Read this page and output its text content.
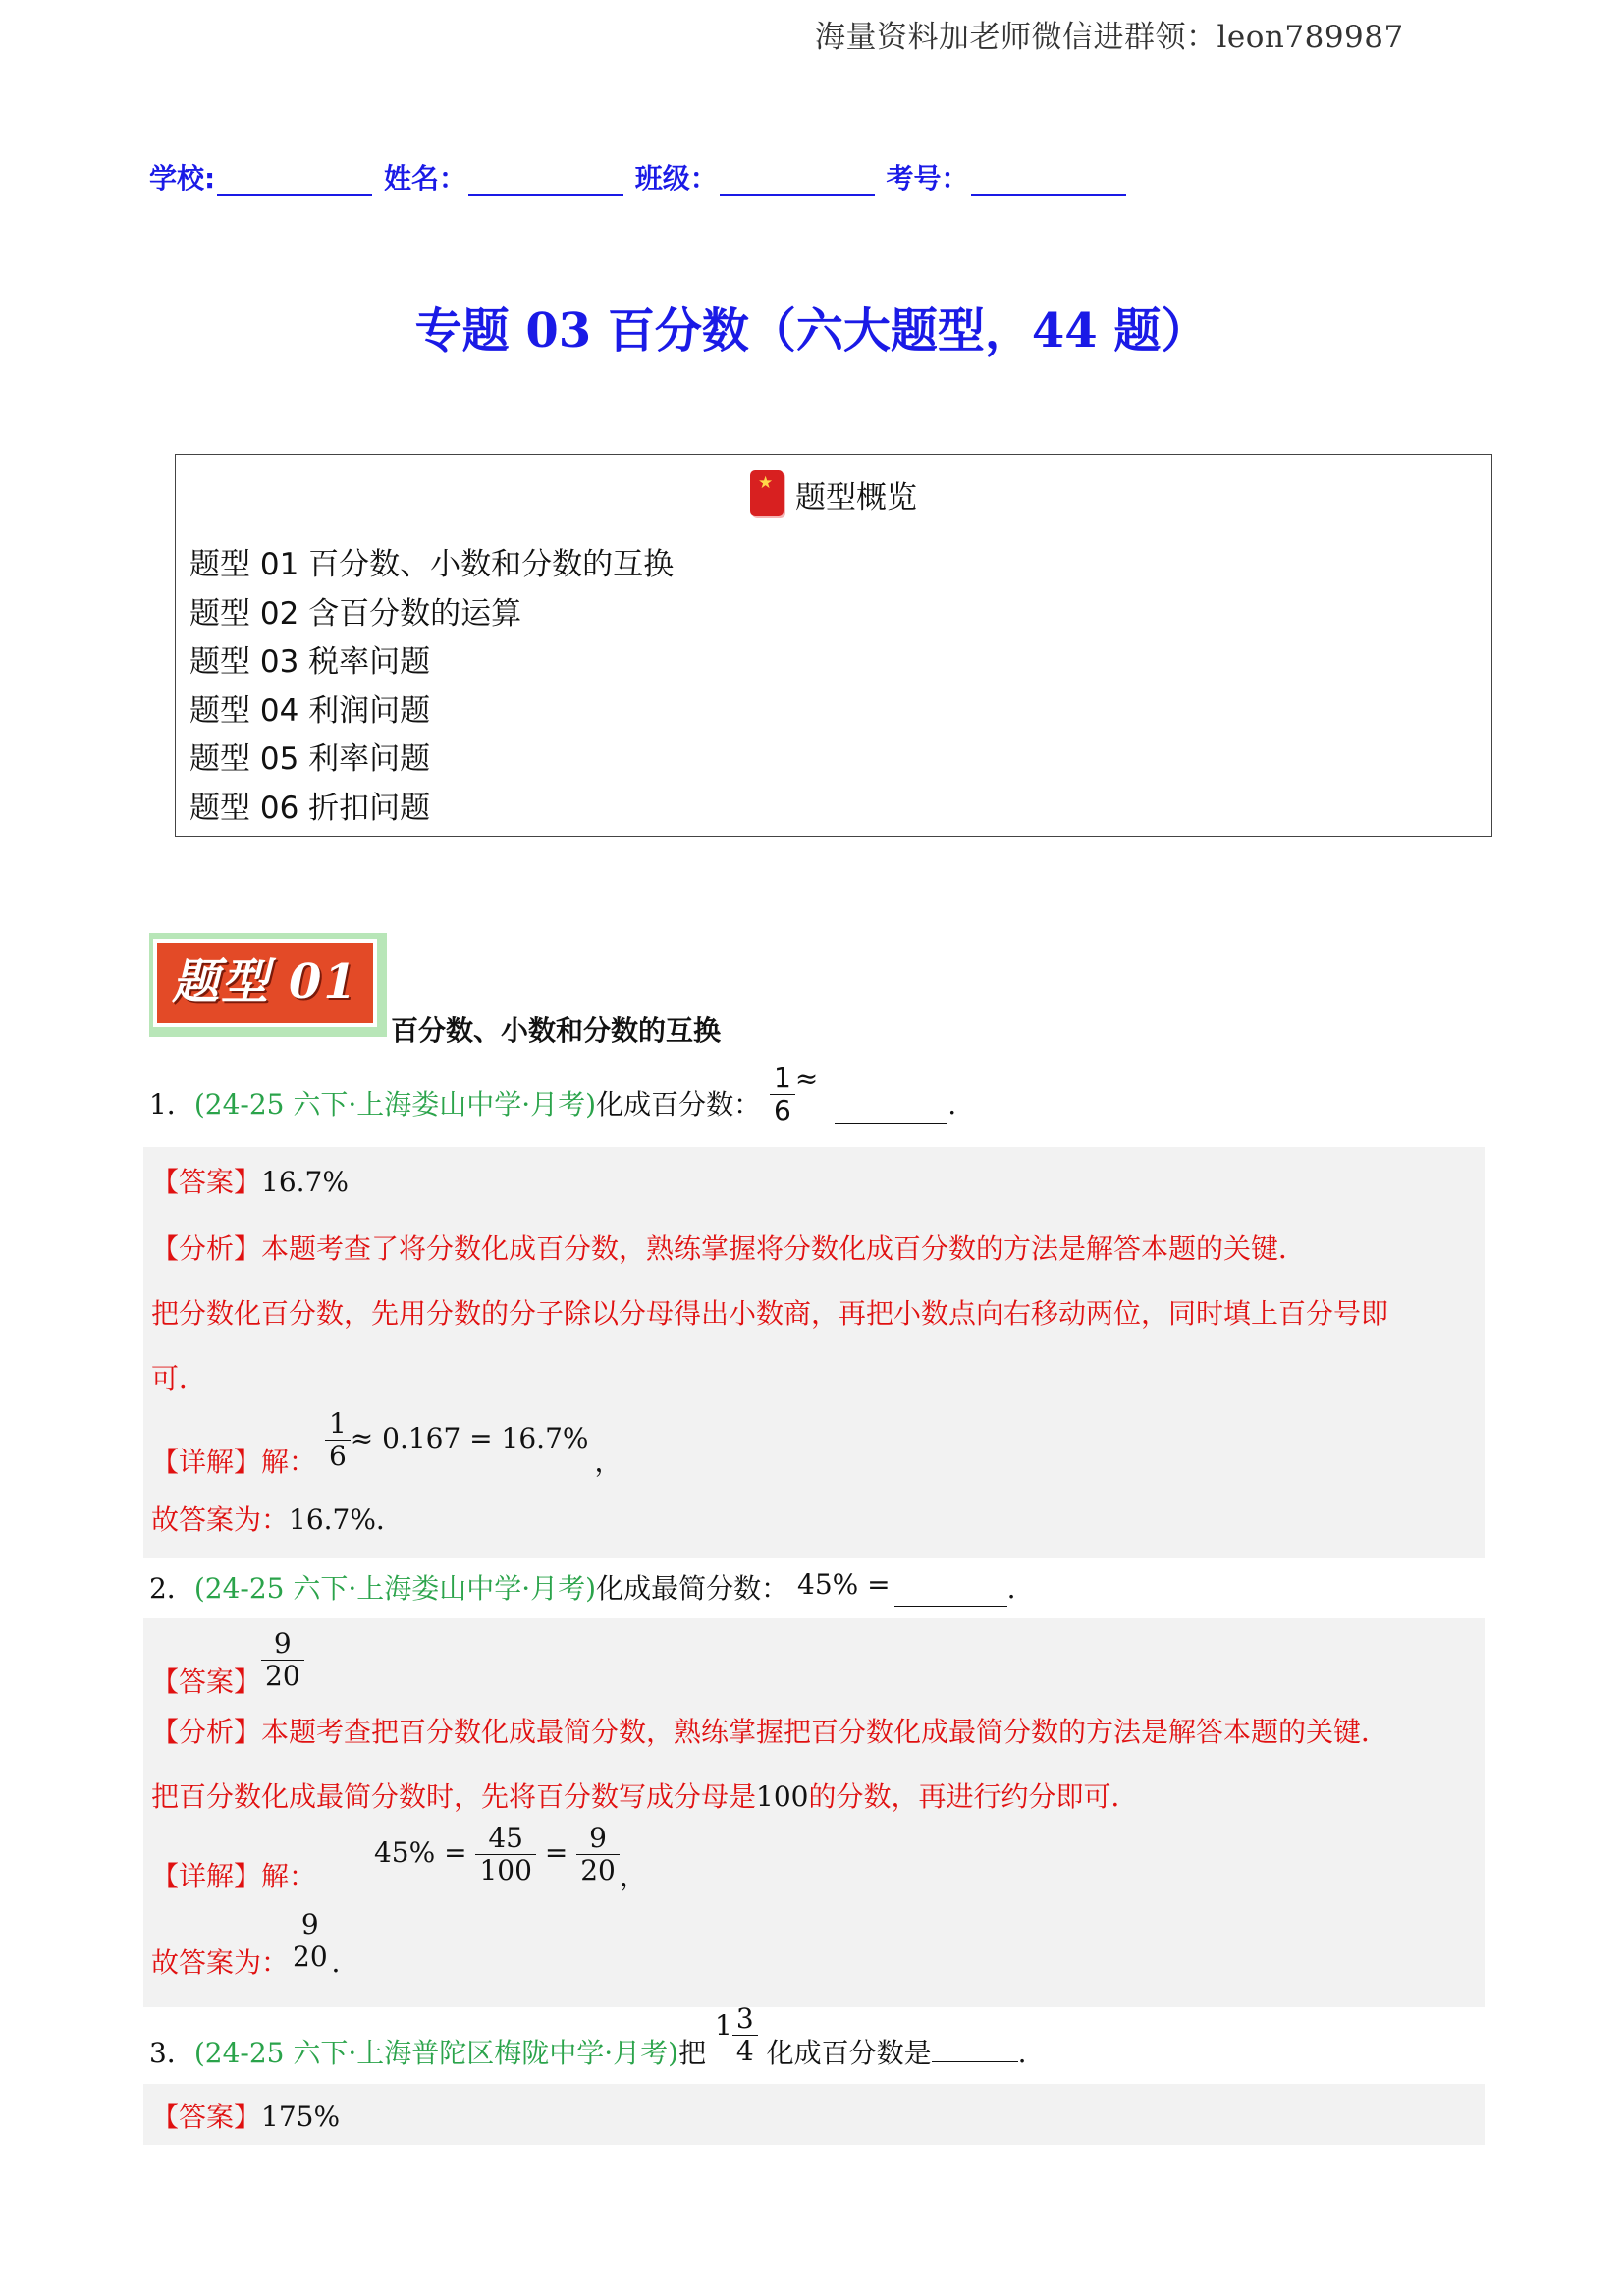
海量资料加老师微信进群领：leon789987
学校:	姓名：	班级：	考号：
专题 03 百分数（六大题型，44 题）
★题型概览
题型 01 百分数、小数和分数的互换
题型 02 含百分数的运算
题型 03 税率问题
题型 04 利润问题
题型 05 利率问题
题型 06 折扣问题
题型 01
百分数、小数和分数的互换
1．(24-25 六下·上海娄山中学·月考)化成百分数： $\frac{1}{6}$ ≈ .
【答案】16.7%
【分析】本题考查了将分数化成百分数，熟练掌握将分数化成百分数的方法是解答本题的关键．
把分数化百分数，先用分数的分子除以分母得出小数商，再把小数点向右移动两位，同时填上百分号即
可．
【详解】解： $\frac{1}{6} \approx 0.167 = 16.7\%$，
故答案为：16.7%．
2．(24-25 六下·上海娄山中学·月考)化成最简分数： 45% =	.
【答案】 $\frac{9}{20}$
【分析】本题考查把百分数化成最简分数，熟练掌握把百分数化成最简分数的方法是解答本题的关键．
把百分数化成最简分数时，先将百分数写成分母是100的分数，再进行约分即可．
【详解】解： $45\% = \frac{45}{100} = \frac{9}{20}$ ，
故答案为： $\frac{9}{20}$ ．
3．(24-25 六下·上海普陀区梅陇中学·月考)把 $1 \frac{3}{4}$ 化成百分数是	.
【答案】175%
